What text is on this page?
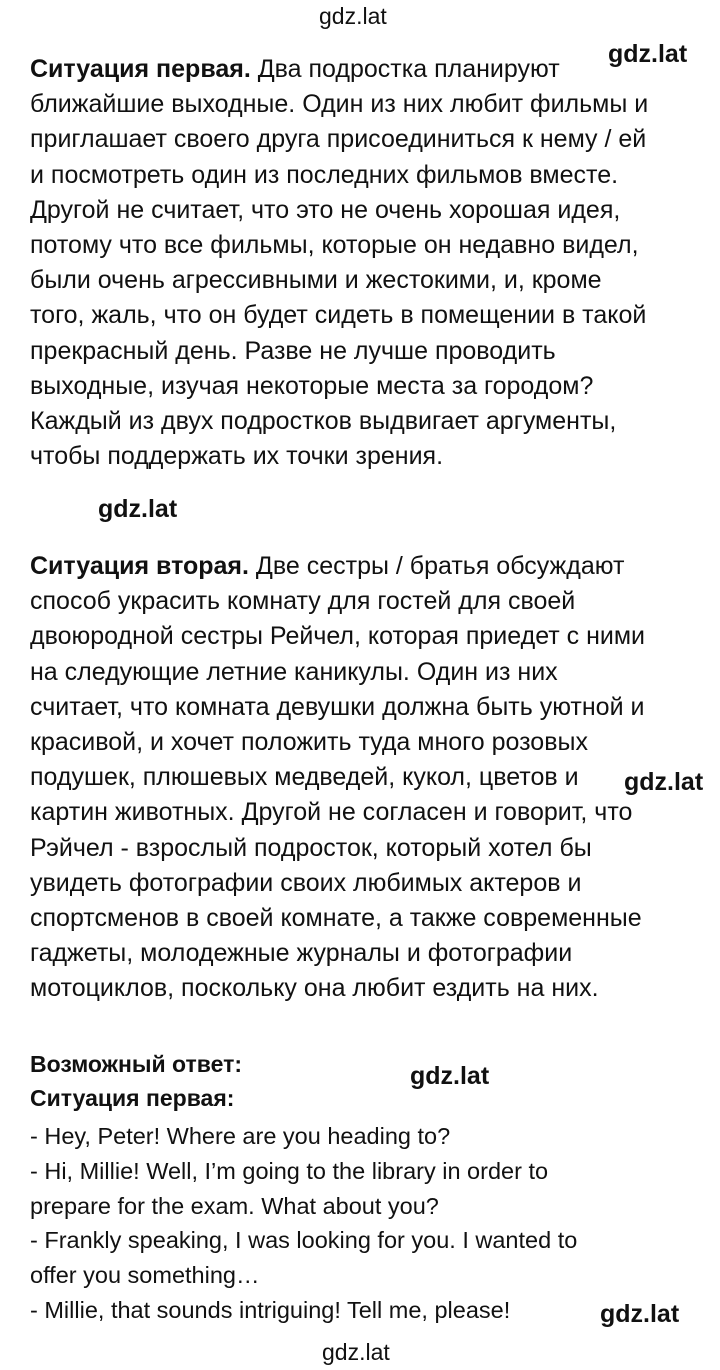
gdz.lat
Ситуация первая. Два подростка планируют
ближайшие выходные. Один из них любит фильмы и
приглашает своего друга присоединиться к нему / ей
и посмотреть один из последних фильмов вместе.
Другой не считает, что это не очень хорошая идея,
потому что все фильмы, которые он недавно видел,
были очень агрессивными и жестокими, и, кроме
того, жаль, что он будет сидеть в помещении в такой
прекрасный день. Разве не лучше проводить
выходные, изучая некоторые места за городом?
Каждый из двух подростков выдвигает аргументы,
чтобы поддержать их точки зрения.
gdz.lat
gdz.lat
Ситуация вторая. Две сестры / братья обсуждают
способ украсить комнату для гостей для своей
двоюродной сестры Рейчел, которая приедет с ними
на следующие летние каникулы. Один из них
считает, что комната девушки должна быть уютной и
красивой, и хочет положить туда много розовых
подушек, плюшевых медведей, кукол, цветов и
картин животных. Другой не согласен и говорит, что
Рэйчел - взрослый подросток, который хотел бы
увидеть фотографии своих любимых актеров и
спортсменов в своей комнате, а также современные
гаджеты, молодежные журналы и фотографии
мотоциклов, поскольку она любит ездить на них.
gdz.lat
Возможный ответ:
Ситуация первая:
gdz.lat
- Hey, Peter! Where are you heading to?
- Hi, Millie! Well, I’m going to the library in order to
prepare for the exam. What about you?
- Frankly speaking, I was looking for you. I wanted to
offer you something…
- Millie, that sounds intriguing! Tell me, please!	gdz.lat
gdz.lat
